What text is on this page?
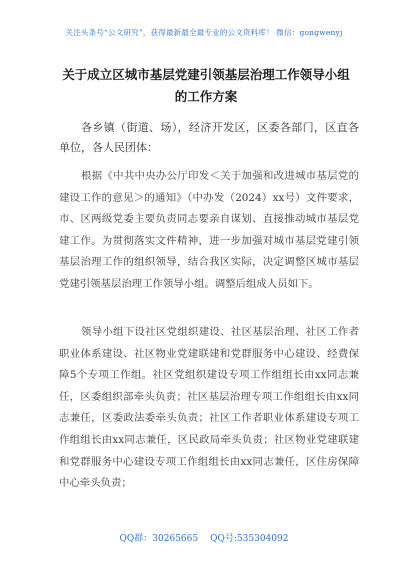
关注头条号“公文研究”，获得最新最全最专业的公文资料库！ 微信：gongwenyj
关于成立区城市基层党建引领基层治理工作领导小组的工作方案
各乡镇（街道、场），经济开发区，区委各部门，区直各单位，各人民团体：
根据《中共中央办公厅印发＜关于加强和改进城市基层党的建设工作的意见＞的通知》（中办发（2024）xx号）文件要求，市、区两级党委主要负责同志要亲自谋划、直接推动城市基层党建工作。为贯彻落实文件精神，进一步加强对城市基层党建引领基层治理工作的组织领导，结合我区实际，决定调整区城市基层党建引领基层治理工作领导小组。调整后组成人员如下。
领导小组下设社区党组织建设、社区基层治理、社区工作者职业体系建设、社区物业党建联建和党群服务中心建设、经费保障5个专项工作组。社区党组织建设专项工作组组长由xx同志兼任，区委组织部牵头负责；社区基层治理专项工作组组长由xx同志兼任，区委政法委牵头负责；社区工作者职业体系建设专项工作组组长由xx同志兼任，区民政局牵头负责；社区物业党建联建和党群服务中心建设专项工作组组长由xx同志兼任，区住房保障中心牵头负责；
QQ群：30265665 QQ号:535304092
